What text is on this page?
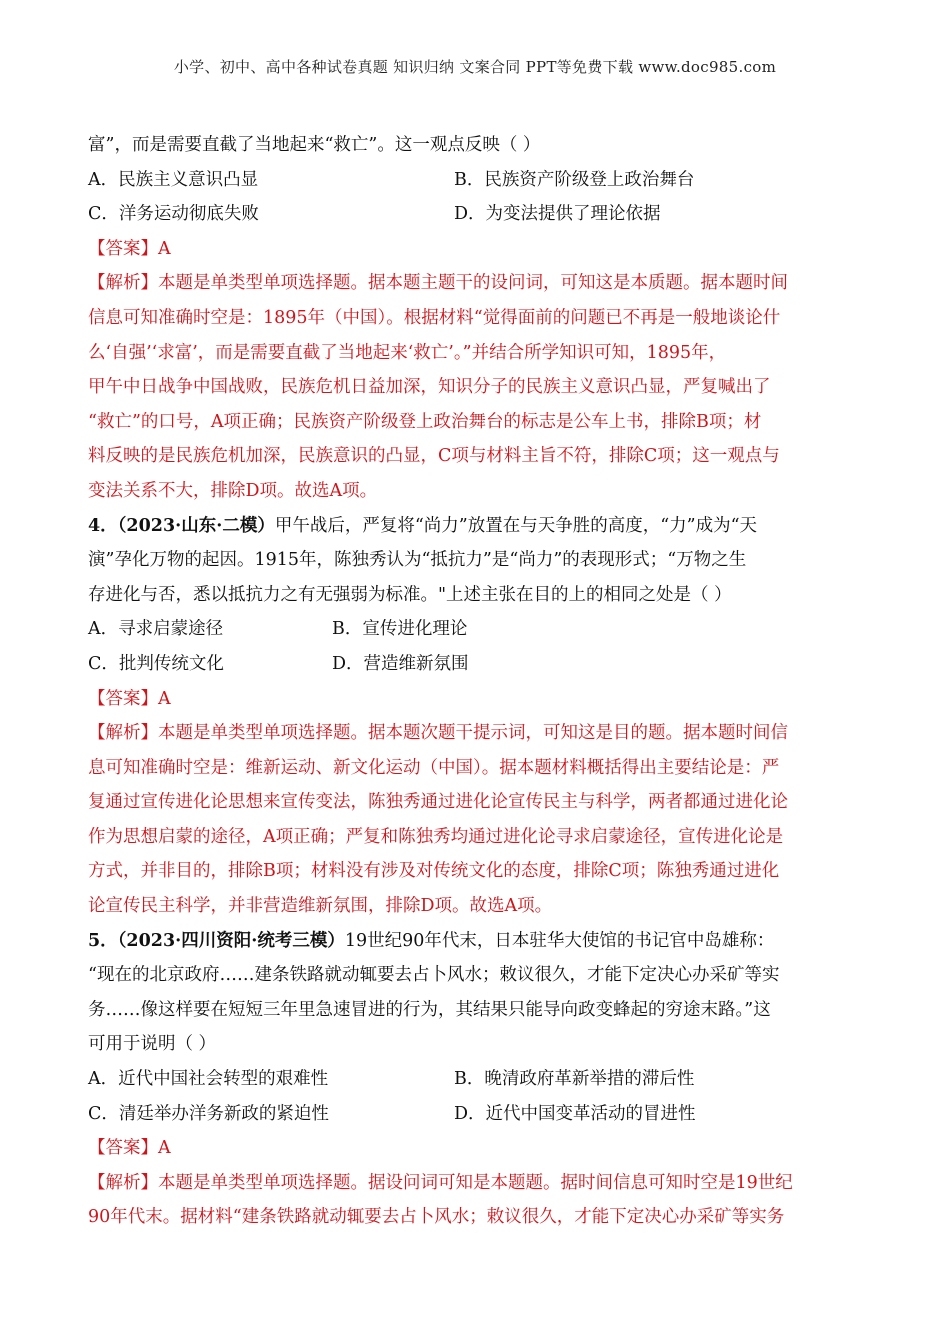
小学、初中、高中各种试卷真题 知识归纳 文案合同 PPT等免费下载 www.doc985.com

富”，而是需要直截了当地起来“救亡”。这一观点反映（ ）

A．民族主义意识凸显	B．民族资产阶级登上政治舞台
C．洋务运动彻底失败	D．为变法提供了理论依据

【答案】A

【解析】本题是单类型单项选择题。据本题主题干的设问词，可知这是本质题。据本题时间

信息可知准确时空是：1895年（中国）。根据材料“觉得面前的问题已不再是一般地谈论什

么‘自强’‘求富’，而是需要直截了当地起来‘救亡’。”并结合所学知识可知，1895年，

甲午中日战争中国战败，民族危机日益加深，知识分子的民族主义意识凸显，严复喊出了

“救亡”的口号，A项正确；民族资产阶级登上政治舞台的标志是公车上书，排除B项；材

料反映的是民族危机加深，民族意识的凸显，C项与材料主旨不符，排除C项；这一观点与

变法关系不大，排除D项。故选A项。

4．（2023·山东·二模）甲午战后，严复将“尚力”放置在与天争胜的高度，“力”成为“天

演”孕化万物的起因。1915年，陈独秀认为“抵抗力”是“尚力”的表现形式；“万物之生

存进化与否，悉以抵抗力之有无强弱为标准。"上述主张在目的上的相同之处是（ ）

A．寻求启蒙途径	B．宣传进化理论
C．批判传统文化	D．营造维新氛围

【答案】A

【解析】本题是单类型单项选择题。据本题次题干提示词，可知这是目的题。据本题时间信

息可知准确时空是：维新运动、新文化运动（中国）。据本题材料概括得出主要结论是：严

复通过宣传进化论思想来宣传变法，陈独秀通过进化论宣传民主与科学，两者都通过进化论

作为思想启蒙的途径，A项正确；严复和陈独秀均通过进化论寻求启蒙途径，宣传进化论是

方式，并非目的，排除B项；材料没有涉及对传统文化的态度，排除C项；陈独秀通过进化

论宣传民主科学，并非营造维新氛围，排除D项。故选A项。

5．（2023·四川资阳·统考三模）19世纪90年代末，日本驻华大使馆的书记官中岛雄称：

“现在的北京政府……建条铁路就动辄要去占卜风水；敕议很久，才能下定决心办采矿等实

务……像这样要在短短三年里急速冒进的行为，其结果只能导向政变蜂起的穷途末路。”这

可用于说明（ ）

A．近代中国社会转型的艰难性	B．晚清政府革新举措的滞后性
C．清廷举办洋务新政的紧迫性	D．近代中国变革活动的冒进性

【答案】A

【解析】本题是单类型单项选择题。据设问词可知是本题题。据时间信息可知时空是19世纪

90年代末。据材料“建条铁路就动辄要去占卜风水；敕议很久，才能下定决心办采矿等实务
